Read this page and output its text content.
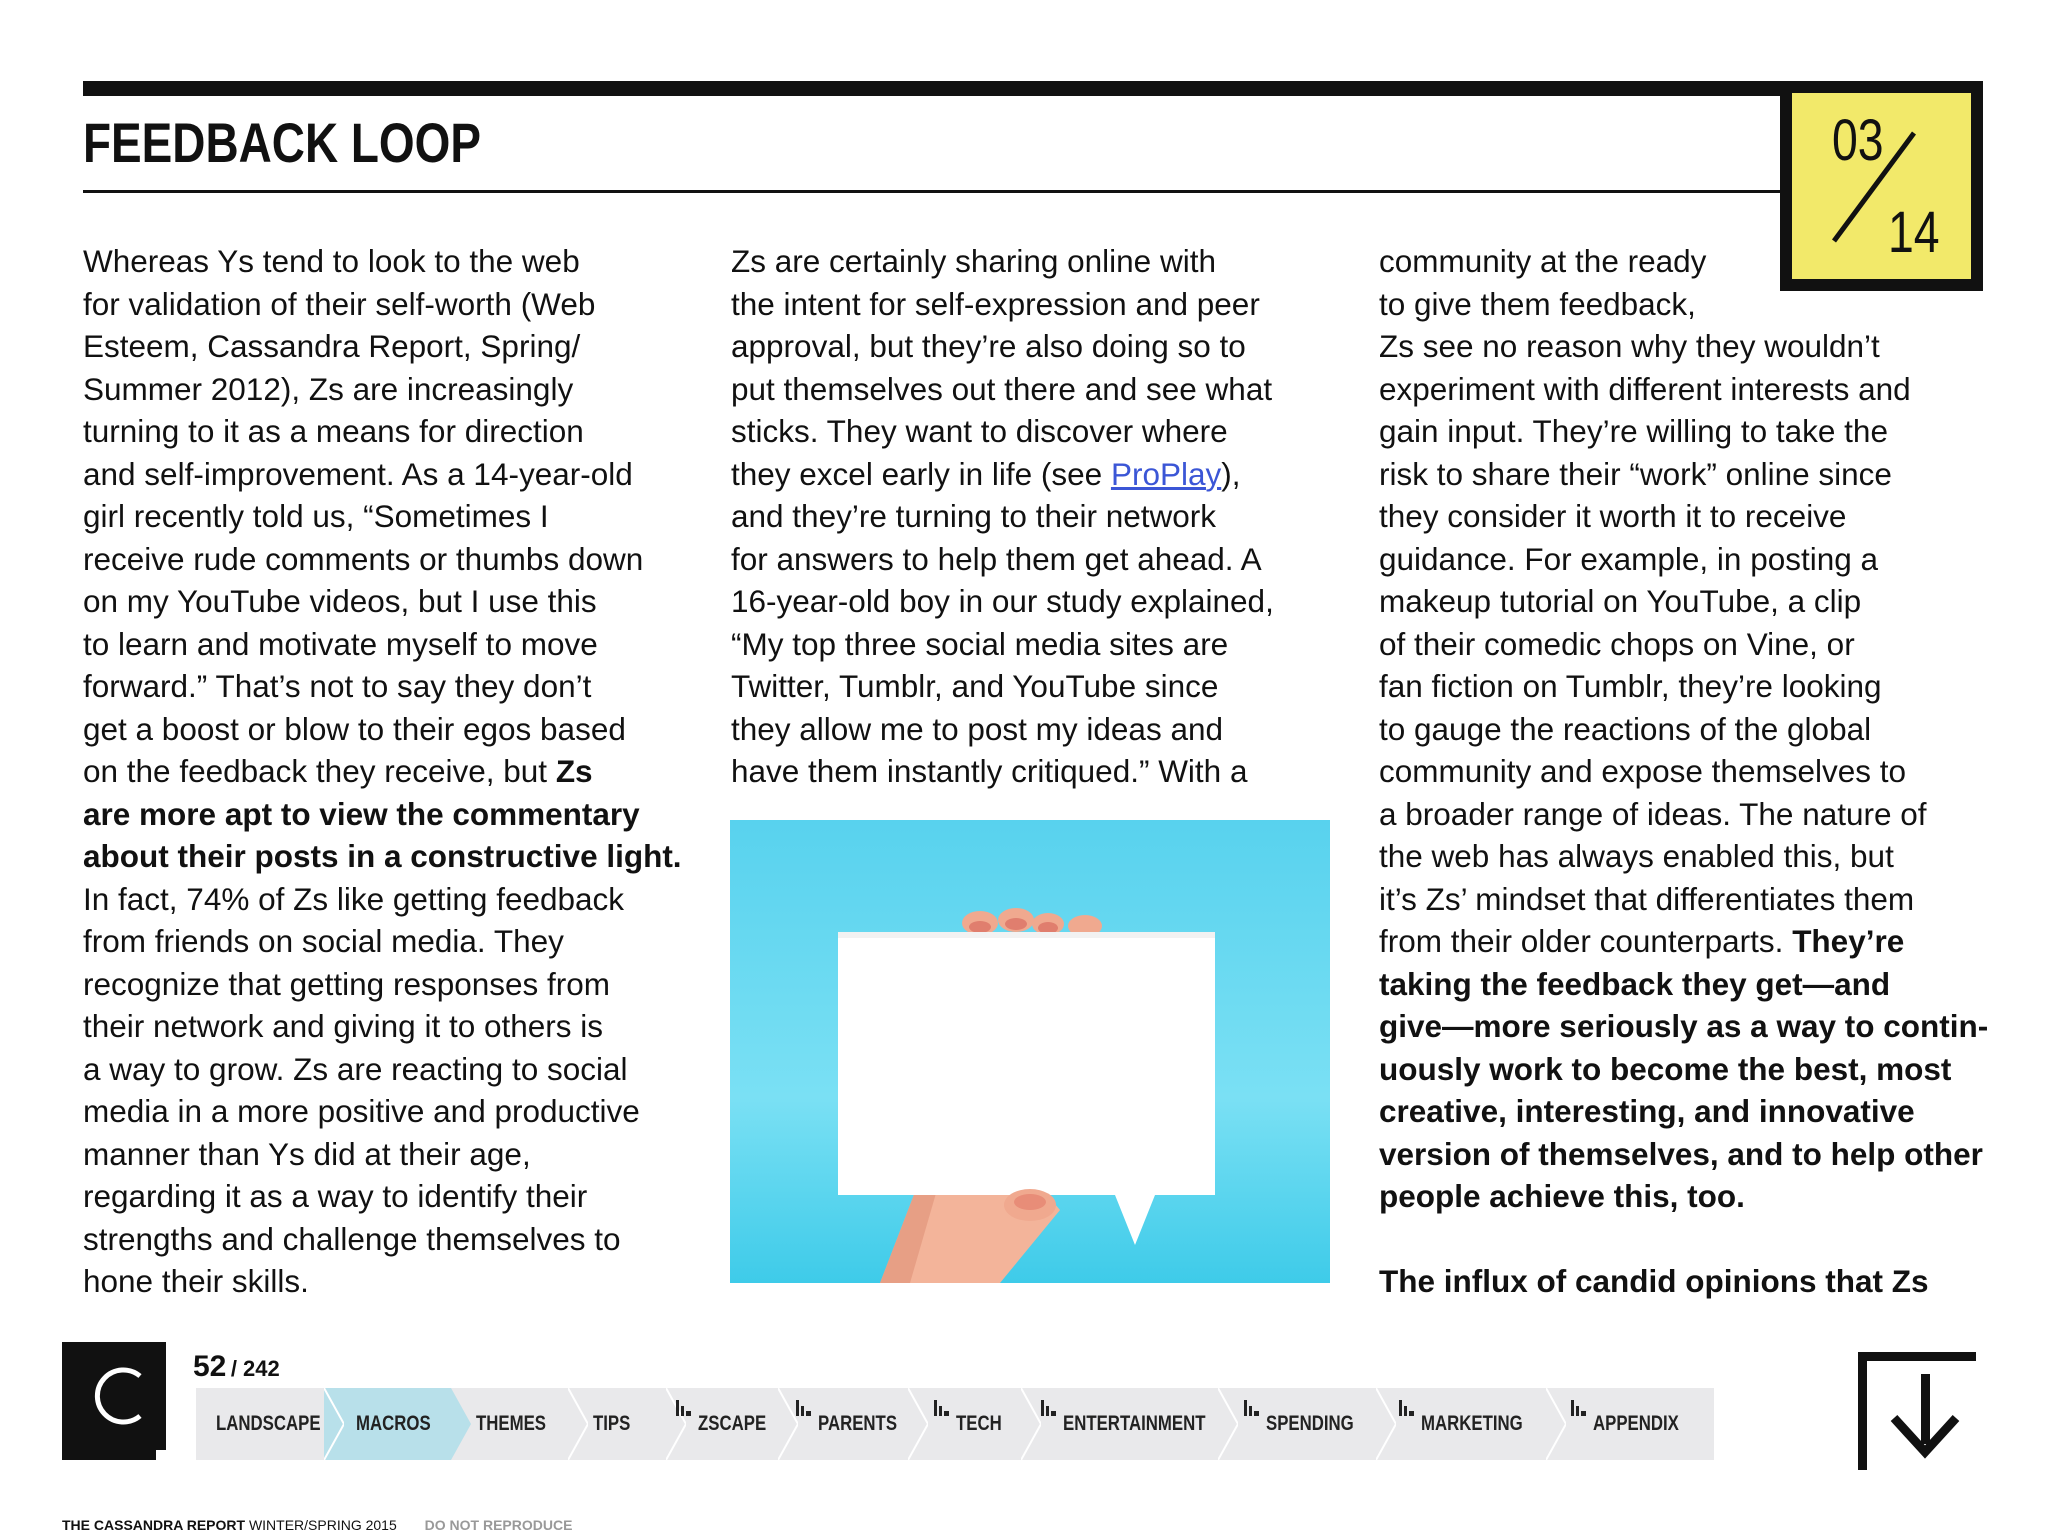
FEEDBACK LOOP	03
14

Whereas Ys tend to look to the web

for validation of their self-worth (Web

Esteem, Cassandra Report, Spring/

Summer 2012), Zs are increasingly

turning to it as a means for direction

and self-improvement. As a 14-year-old

girl recently told us, “Sometimes I

receive rude comments or thumbs down

on my YouTube videos, but I use this

to learn and motivate myself to move

forward.” That’s not to say they don’t

get a boost or blow to their egos based

on the feedback they receive, but Zs

are more apt to view the commentary

about their posts in a constructive light.

In fact, 74% of Zs like getting feedback

from friends on social media. They

recognize that getting responses from

their network and giving it to others is

a way to grow. Zs are reacting to social

media in a more positive and productive

manner than Ys did at their age,

regarding it as a way to identify their

strengths and challenge themselves to

hone their skills.

Zs are certainly sharing online with

the intent for self-expression and peer

approval, but they’re also doing so to

put themselves out there and see what

sticks. They want to discover where

they excel early in life (see ProPlay),

and they’re turning to their network

for answers to help them get ahead. A

16-year-old boy in our study explained,

“My top three social media sites are

Twitter, Tumblr, and YouTube since

they allow me to post my ideas and

have them instantly critiqued.” With a

community at the ready

to give them feedback,

Zs see no reason why they wouldn’t

experiment with different interests and

gain input. They’re willing to take the

risk to share their “work” online since

they consider it worth it to receive

guidance. For example, in posting a

makeup tutorial on YouTube, a clip

of their comedic chops on Vine, or

fan fiction on Tumblr, they’re looking

to gauge the reactions of the global

community and expose themselves to

a broader range of ideas. The nature of

the web has always enabled this, but

it’s Zs’ mindset that differentiates them

from their older counterparts. They’re

taking the feedback they get—and

give—more seriously as a way to contin-

uously work to become the best, most

creative, interesting, and innovative

version of themselves, and to help other

people achieve this, too.

The influx of candid opinions that Zs

52 / 242
LANDSCAPE MACROS THEMES TIPS	ZSCAPE PARENTS	TECH	ENTERTAINMENT	SPENDING	MARKETING	APPENDIX
THE CASSANDRA REPORT WINTER/SPRING 2015 DO NOT REPRODUCE
